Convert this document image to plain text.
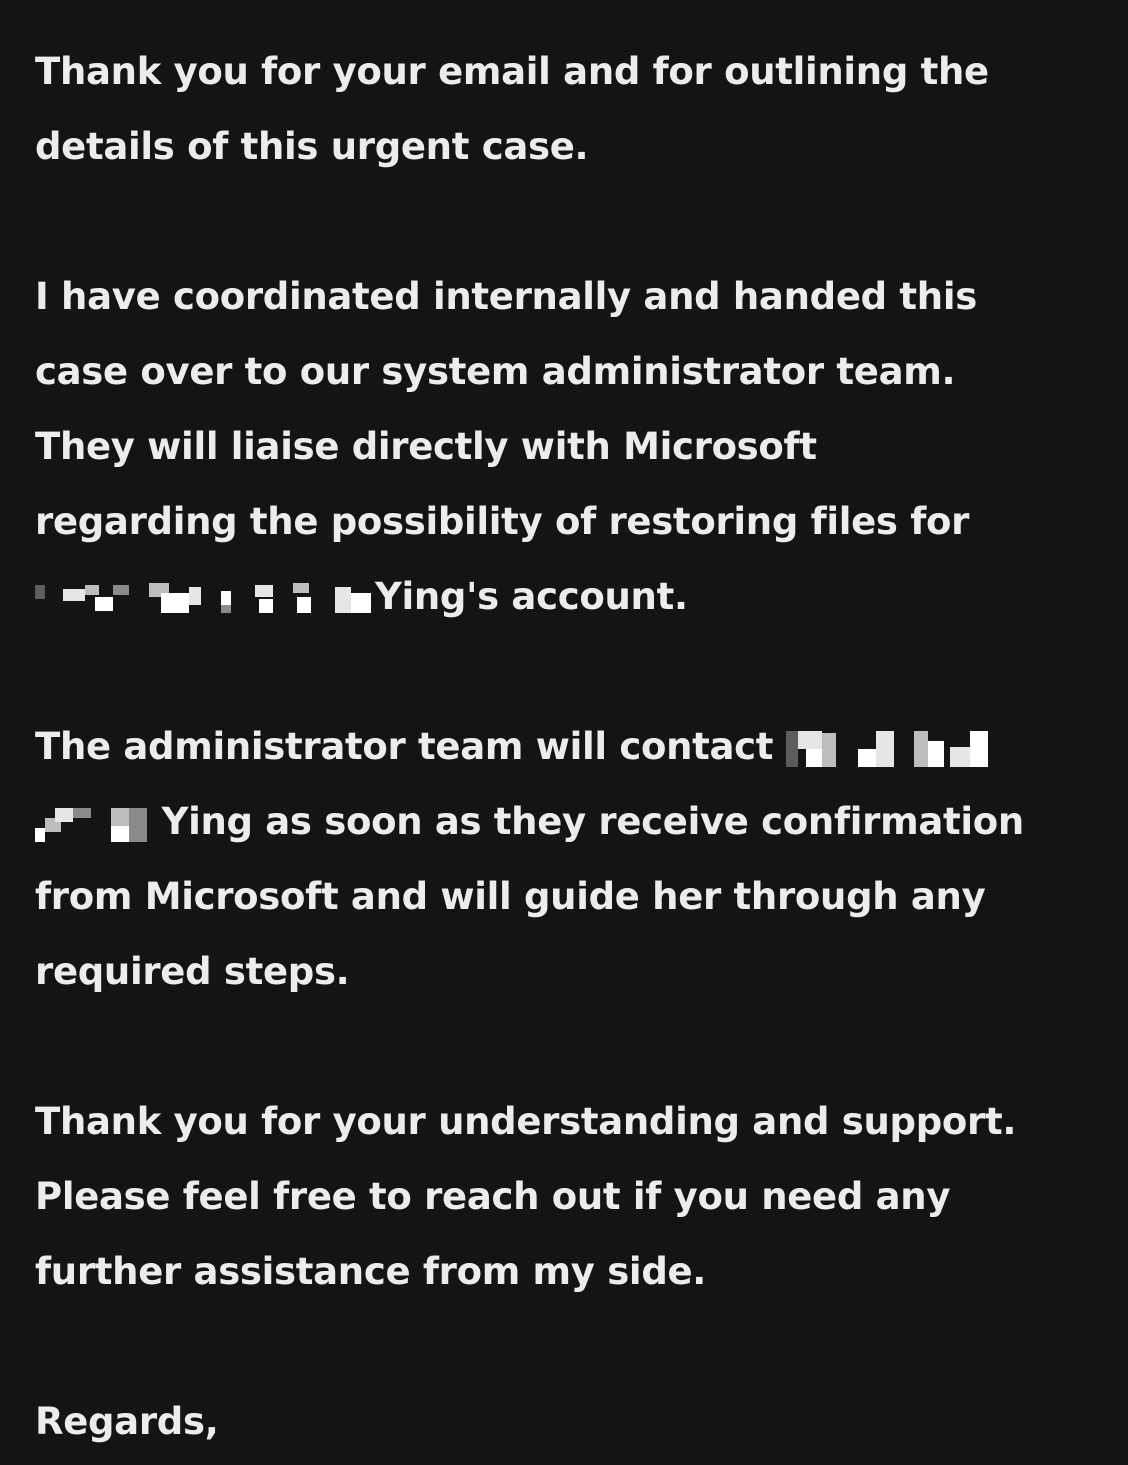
Thank you for your email and for outlining the
details of this urgent case.
I have coordinated internally and handed this
case over to our system administrator team.
They will liaise directly with Microsoft
regarding the possibility of restoring files for
Ying's account.
The administrator team will contact
Ying as soon as they receive confirmation
from Microsoft and will guide her through any
required steps.
Thank you for your understanding and support.
Please feel free to reach out if you need any
further assistance from my side.
Regards,
